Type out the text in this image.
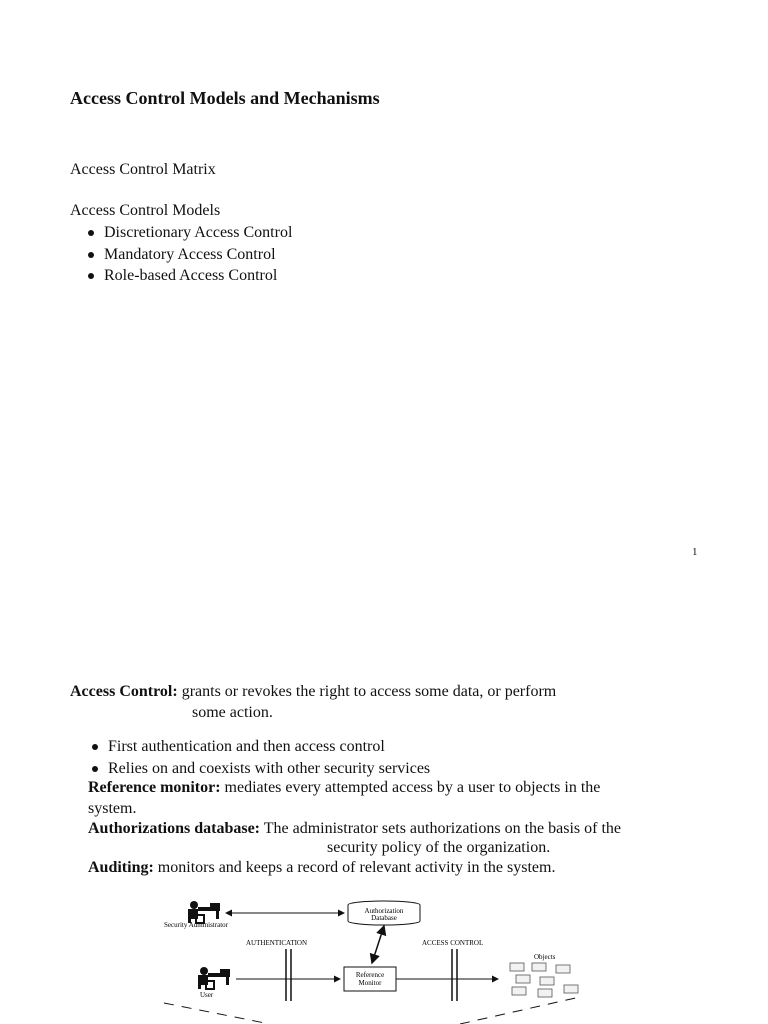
Access Control Models and Mechanisms
Access Control Matrix
Access Control Models
Discretionary Access Control
Mandatory Access Control
Role-based Access Control
1
Access Control: grants or revokes the right to access some data, or perform
some action.
First authentication and then access control
Relies on and coexists with other security services
Reference monitor: mediates every attempted access by a user to objects in the
system.
Authorizations database: The administrator sets authorizations on the basis of the
security policy of the organization.
Auditing: monitors and keeps a record of relevant activity in the system.
Security Administrator
Authorization
Database
AUTHENTICATION	ACCESS CONTROL
User
Reference
Monitor
Objects
